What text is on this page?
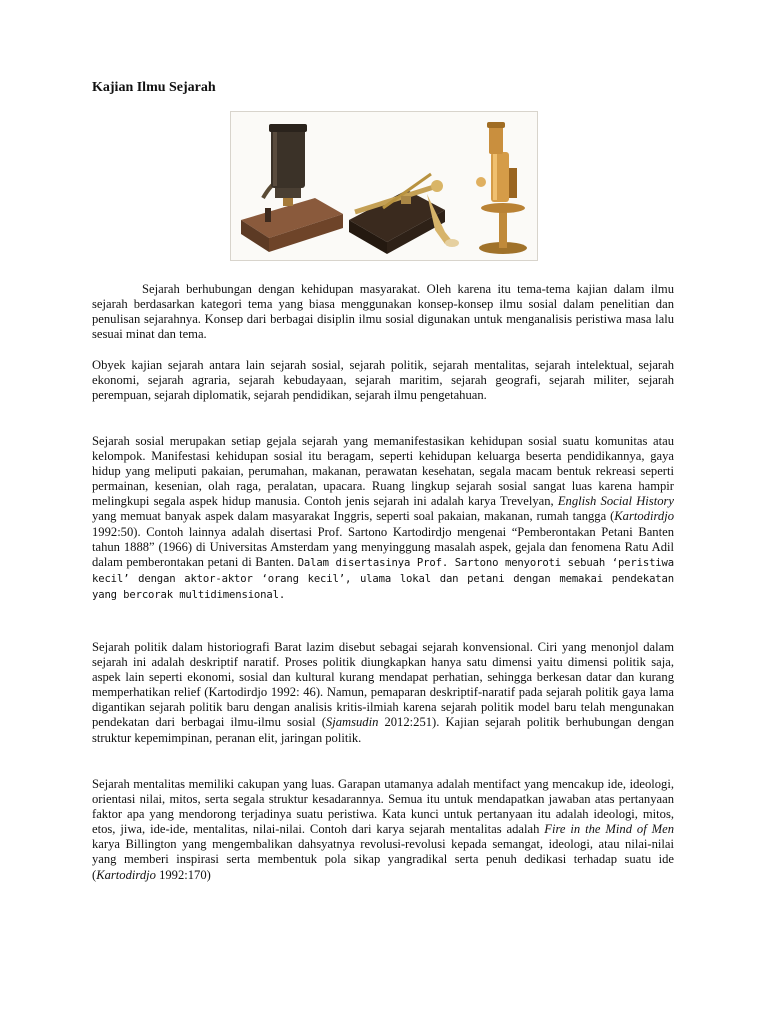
Kajian Ilmu Sejarah

Sejarah berhubungan dengan kehidupan masyarakat. Oleh karena itu tema-tema kajian dalam ilmu sejarah berdasarkan kategori tema yang biasa menggunakan konsep-konsep ilmu sosial dalam penelitian dan penulisan sejarahnya. Konsep dari berbagai disiplin ilmu sosial digunakan untuk menganalisis peristiwa masa lalu sesuai minat dan tema.

Obyek kajian sejarah antara lain sejarah sosial, sejarah politik, sejarah mentalitas, sejarah intelektual, sejarah ekonomi, sejarah agraria, sejarah kebudayaan, sejarah maritim, sejarah geografi, sejarah militer, sejarah perempuan, sejarah diplomatik, sejarah pendidikan, sejarah ilmu pengetahuan.

Sejarah sosial merupakan setiap gejala sejarah yang memanifestasikan kehidupan sosial suatu komunitas atau kelompok. Manifestasi kehidupan sosial itu beragam, seperti kehidupan keluarga beserta pendidikannya, gaya hidup yang meliputi pakaian, perumahan, makanan, perawatan kesehatan, segala macam bentuk rekreasi seperti permainan, kesenian, olah raga, peralatan, upacara. Ruang lingkup sejarah sosial sangat luas karena hampir melingkupi segala aspek hidup manusia. Contoh jenis sejarah ini adalah karya Trevelyan, English Social History yang memuat banyak aspek dalam masyarakat Inggris, seperti soal pakaian, makanan, rumah tangga (Kartodirdjo 1992:50). Contoh lainnya adalah disertasi Prof. Sartono Kartodirdjo mengenai “Pemberontakan Petani Banten tahun 1888” (1966) di Universitas Amsterdam yang menyinggung masalah aspek, gejala dan fenomena Ratu Adil dalam pemberontakan petani di Banten. Dalam disertasinya Prof. Sartono menyoroti sebuah ‘peristiwa kecil’ dengan aktor-aktor ‘orang kecil’, ulama lokal dan petani dengan memakai pendekatan yang bercorak multidimensional.

Sejarah politik dalam historiografi Barat lazim disebut sebagai sejarah konvensional. Ciri yang menonjol dalam sejarah ini adalah deskriptif naratif. Proses politik diungkapkan hanya satu dimensi yaitu dimensi politik saja, aspek lain seperti ekonomi, sosial dan kultural kurang mendapat perhatian, sehingga berkesan datar dan kurang memperhatikan relief (Kartodirdjo 1992: 46). Namun, pemaparan deskriptif-naratif pada sejarah politik gaya lama digantikan sejarah politik baru dengan analisis kritis-ilmiah karena sejarah politik model baru telah mengunakan pendekatan dari berbagai ilmu-ilmu sosial (Sjamsudin 2012:251). Kajian sejarah politik berhubungan dengan struktur kepemimpinan, peranan elit, jaringan politik.

Sejarah mentalitas memiliki cakupan yang luas. Garapan utamanya adalah mentifact yang mencakup ide, ideologi, orientasi nilai, mitos, serta segala struktur kesadarannya. Semua itu untuk mendapatkan jawaban atas pertanyaan faktor apa yang mendorong terjadinya suatu peristiwa. Kata kunci untuk pertanyaan itu adalah ideologi, mitos, etos, jiwa, ide-ide, mentalitas, nilai-nilai. Contoh dari karya sejarah mentalitas adalah Fire in the Mind of Men karya Billington yang mengembalikan dahsyatnya revolusi-revolusi kepada semangat, ideologi, atau nilai-nilai yang memberi inspirasi serta membentuk pola sikap yangradikal serta penuh dedikasi terhadap suatu ide (Kartodirdjo 1992:170)
